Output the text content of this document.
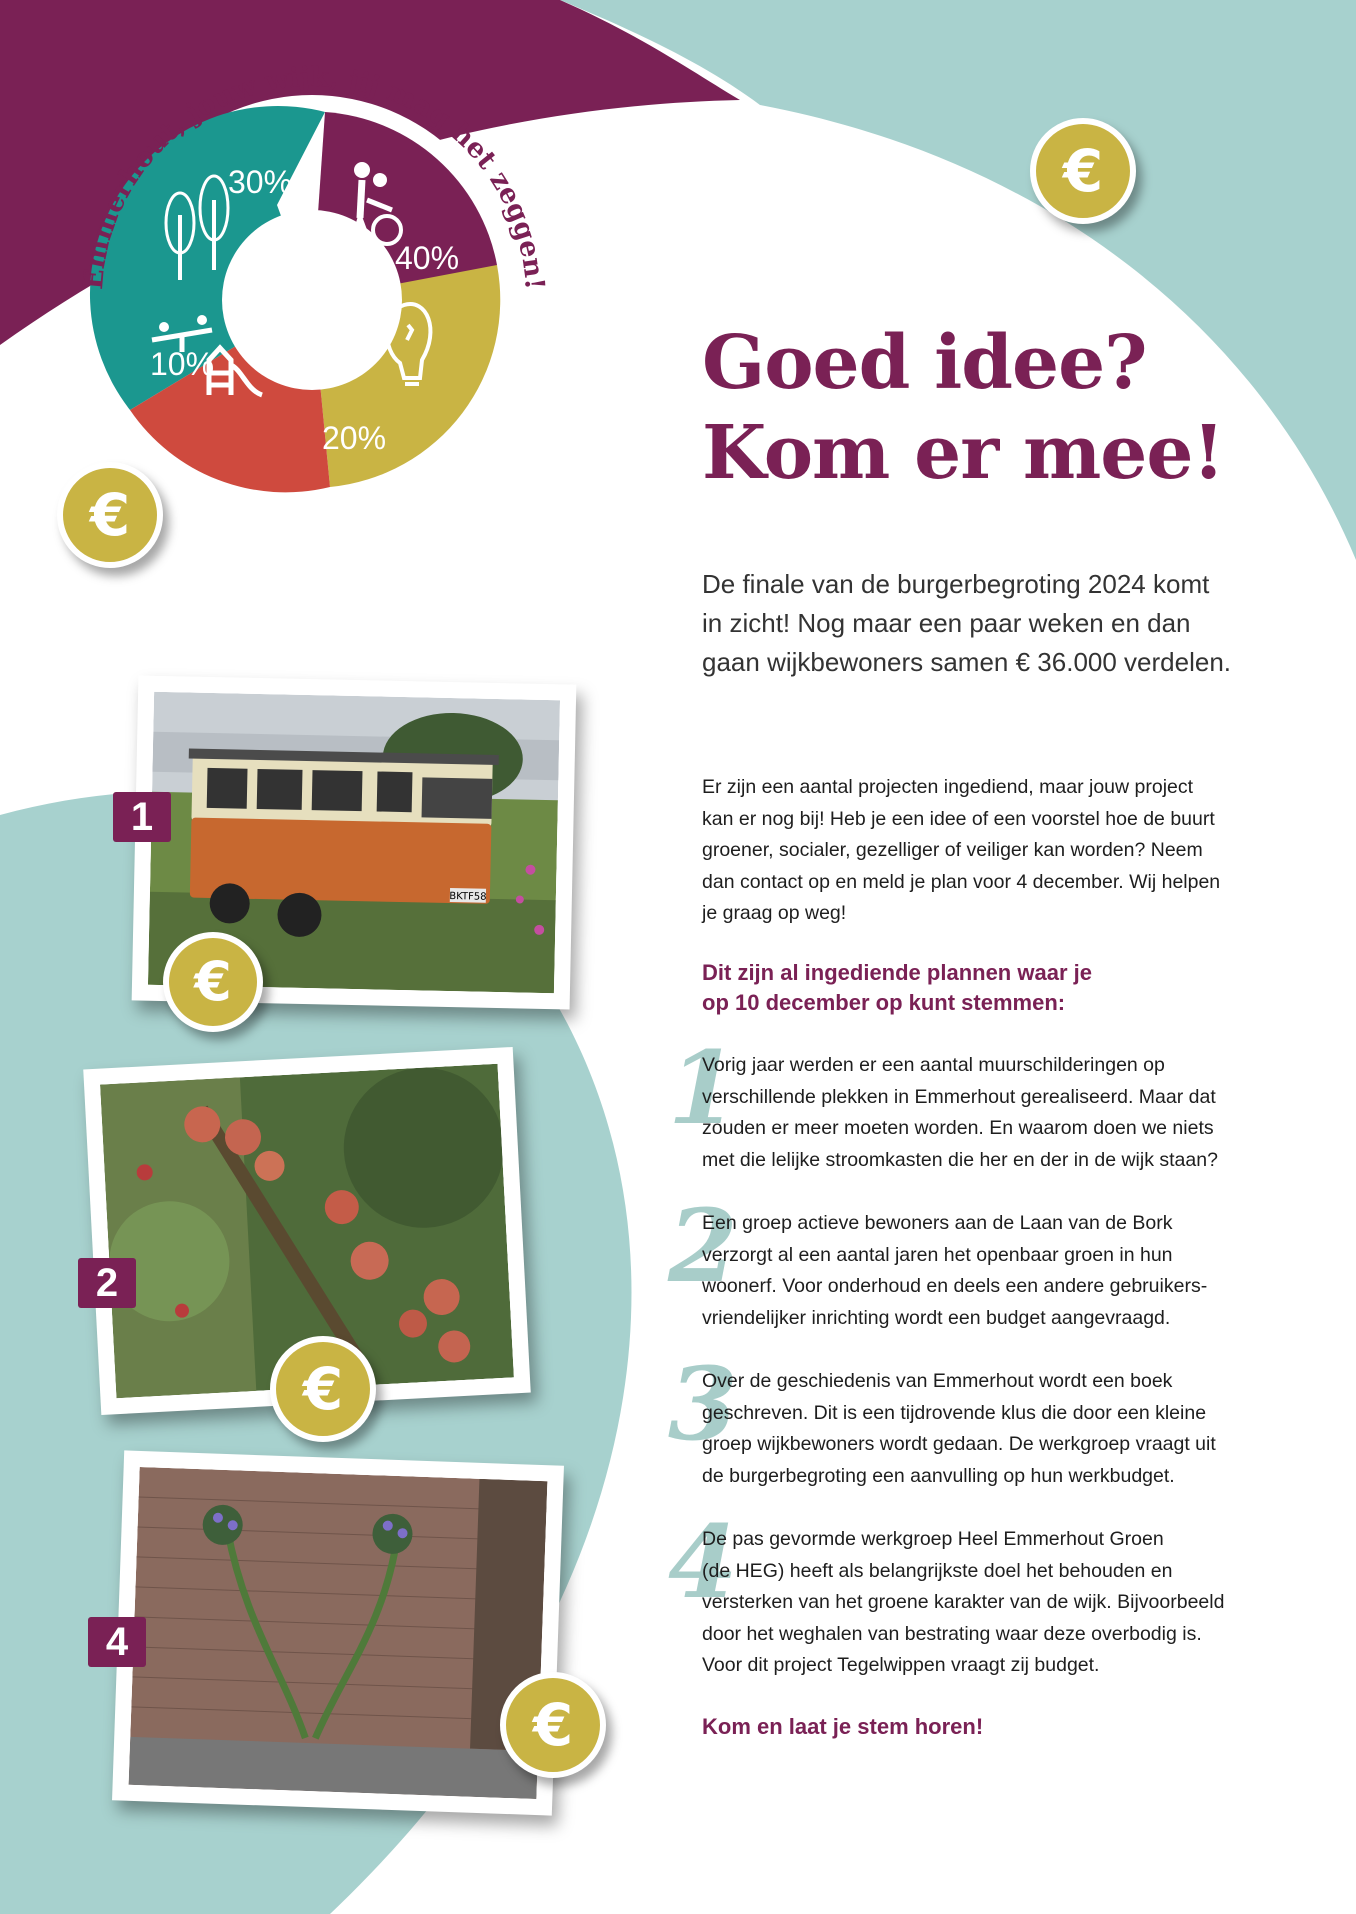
Emmerhout, jouw wijk, jij mag het zeggen!
30%
40%
20%
10%
€
€
Goed idee?
Kom er mee!
De finale van de burgerbegroting 2024 komt
in zicht! Nog maar een paar weken en dan
gaan wijkbewoners samen € 36.000 verdelen.
Er zijn een aantal projecten ingediend, maar jouw project
kan er nog bij! Heb je een idee of een voorstel hoe de buurt
groener, socialer, gezelliger of veiliger kan worden? Neem
dan contact op en meld je plan voor 4 december. Wij helpen
je graag op weg!
Dit zijn al ingediende plannen waar je
op 10 december op kunt stemmen:
1
Vorig jaar werden er een aantal muurschilderingen op
verschillende plekken in Emmerhout gerealiseerd. Maar dat
zouden er meer moeten worden. En waarom doen we niets
met die lelijke stroomkasten die her en der in de wijk staan?
2
Een groep actieve bewoners aan de Laan van de Bork
verzorgt al een aantal jaren het openbaar groen in hun
woonerf. Voor onderhoud en deels een andere gebruikers-
vriendelijker inrichting wordt een budget aangevraagd.
3
Over de geschiedenis van Emmerhout wordt een boek
geschreven. Dit is een tijdrovende klus die door een kleine
groep wijkbewoners wordt gedaan. De werkgroep vraagt uit
de burgerbegroting een aanvulling op hun werkbudget.
4
De pas gevormde werkgroep Heel Emmerhout Groen
(de HEG) heeft als belangrijkste doel het behouden en
versterken van het groene karakter van de wijk. Bijvoorbeeld
door het weghalen van bestrating waar deze overbodig is.
Voor dit project Tegelwippen vraagt zij budget.
Kom en laat je stem horen!
BKTF58
1
€
2
€
4
€
